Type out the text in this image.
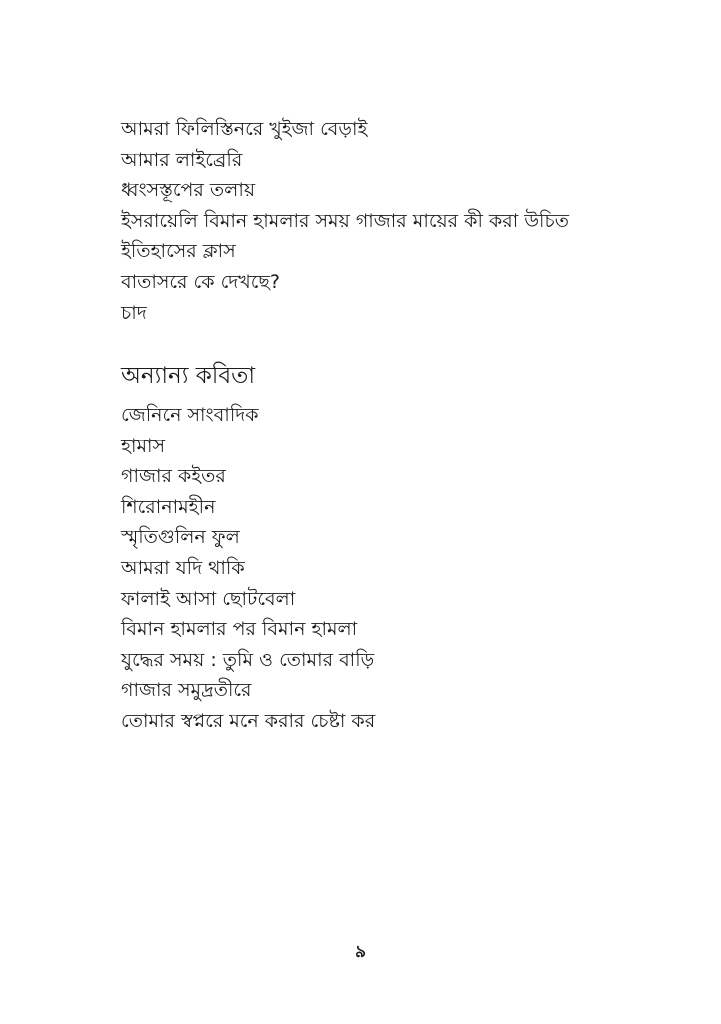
আমরা ফিলিস্তিনরে খুইজা বেড়াই
আমার লাইব্রেরি
ধ্বংসস্তূপের তলায়
ইসরায়েলি বিমান হামলার সময় গাজার মায়ের কী করা উচিত
ইতিহাসের ক্লাস
বাতাসরে কে দেখছে?
চাদ
অন্যান্য কবিতা
জেনিনে সাংবাদিক
হামাস
গাজার কইতর
শিরোনামহীন
স্মৃতিগুলিন ফুল
আমরা যদি থাকি
ফালাই আসা ছোটবেলা
বিমান হামলার পর বিমান হামলা
যুদ্ধের সময় : তুমি ও তোমার বাড়ি
গাজার সমুদ্রতীরে
তোমার স্বপ্নরে মনে করার চেষ্টা কর
৯
